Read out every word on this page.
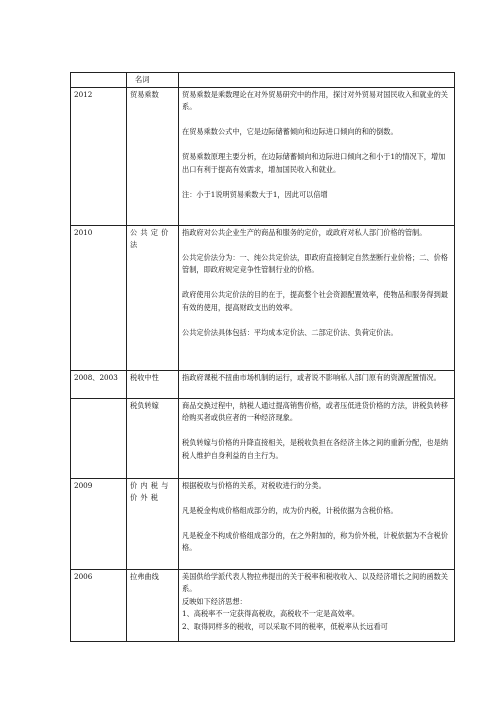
	名词	
2012	贸易乘数	贸易乘数是乘数理论在对外贸易研究中的作用，探讨对外贸易对国民收入和就业的关系。
在贸易乘数公式中，它是边际储蓄倾向和边际进口倾向的和的倒数。
贸易乘数原理主要分析，在边际储蓄倾向和边际进口倾向之和小于1的情况下，增加出口有利于提高有效需求，增加国民收入和就业。
注：小于1说明贸易乘数大于1，因此可以倍增

2010	公共定价法	指政府对公共企业生产的商品和服务的定价，或政府对私人部门价格的管制。
公共定价法分为：一、纯公共定价法，即政府直接制定自然垄断行业价格；二、价格管制，即政府规定竞争性管制行业的价格。
政府使用公共定价法的目的在于，提高整个社会资源配置效率，使物品和服务得到最有效的使用，提高财政支出的效率。
公共定价法具体包括：平均成本定价法、二部定价法、负荷定价法。

2008、2003	税收中性	指政府课税不扭曲市场机制的运行，或者说不影响私人部门原有的资源配置情况。

	税负转嫁	商品交换过程中，纳税人通过提高销售价格，或者压低进货价格的方法，讲税负转移给购买者或供应者的一种经济现象。
税负转嫁与价格的升降直接相关，是税收负担在各经济主体之间的重新分配，也是纳税人维护自身利益的自主行为。

2009	价内税与价外税	根据税收与价格的关系，对税收进行的分类。
凡是税金构成价格组成部分的，成为价内税，计税依据为含税价格。
凡是税金不构成价格组成部分的，在之外附加的，称为价外税，计税依据为不含税价格。

2006	拉弗曲线	美国供给学派代表人物拉弗提出的关于税率和税收收入、以及经济增长之间的函数关系。
反映如下经济思想：
1、高税率不一定获得高税收，高税收不一定是高效率。
2、取得同样多的税收，可以采取不同的税率，低税率从长远看可
